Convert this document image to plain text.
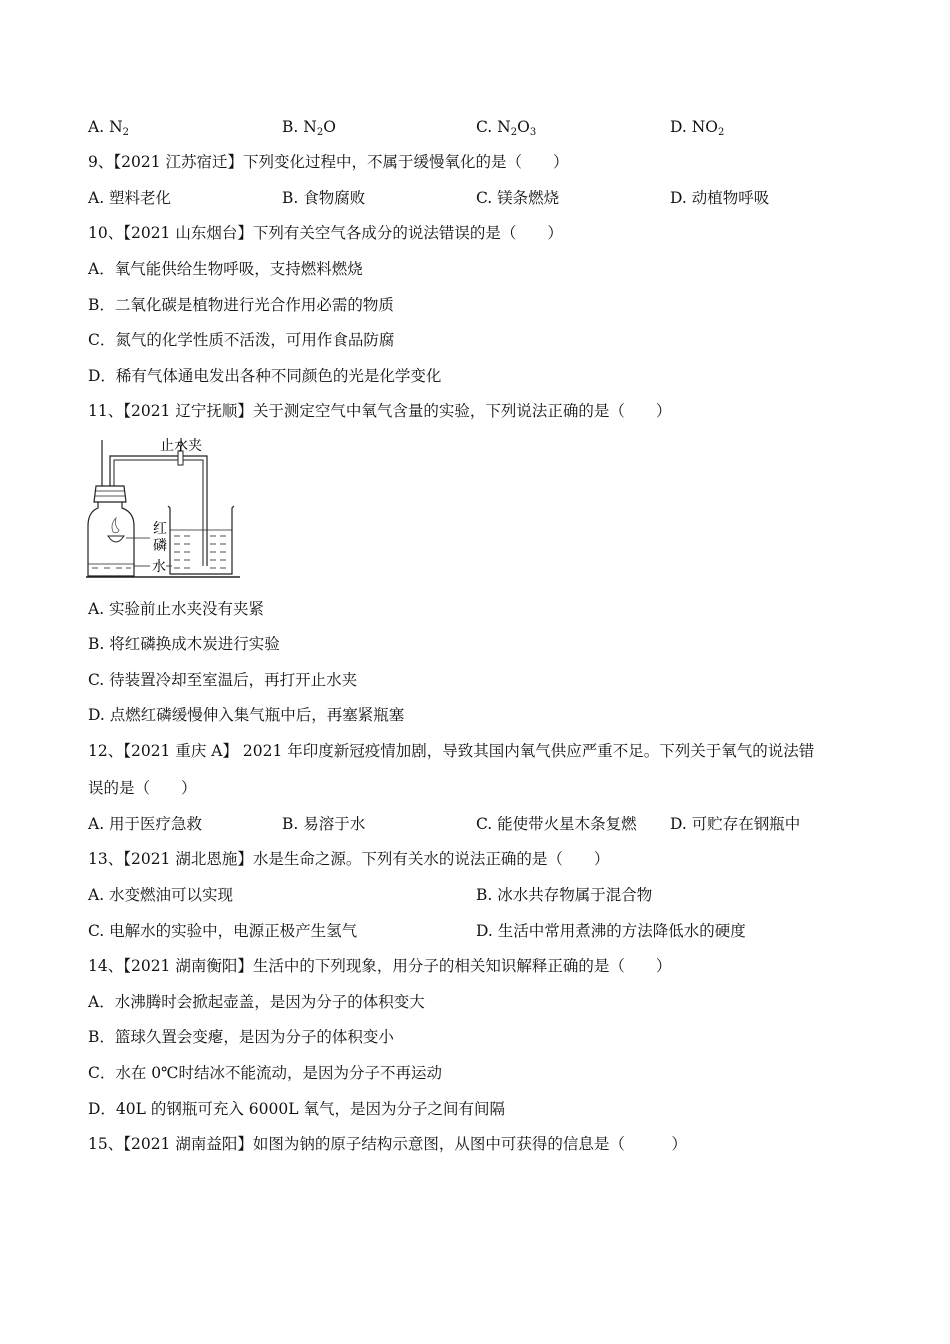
A. $N_2$	B. $N_2O$	C. $N_2O_3$	D. $NO_2$
9、【2021 江苏宿迁】下列变化过程中，不属于缓慢氧化的是（　　）
A. 塑料老化	B. 食物腐败	C. 镁条燃烧	D. 动植物呼吸
10、【2021 山东烟台】下列有关空气各成分的说法错误的是（　　）
A．氧气能供给生物呼吸，支持燃料燃烧
B．二氧化碳是植物进行光合作用必需的物质
C．氮气的化学性质不活泼，可用作食品防腐
D．稀有气体通电发出各种不同颜色的光是化学变化
11、【2021 辽宁抚顺】关于测定空气中氧气含量的实验，下列说法正确的是（　　）
止水夹
红
磷
水
A. 实验前止水夹没有夹紧
B. 将红磷换成木炭进行实验
C. 待装置冷却至室温后，再打开止水夹
D. 点燃红磷缓慢伸入集气瓶中后，再塞紧瓶塞
12、【2021 重庆 A】 2021 年印度新冠疫情加剧，导致其国内氧气供应严重不足。下列关于氧气的说法错
误的是（　　）
A. 用于医疗急救	B. 易溶于水	C. 能使带火星木条复燃 D. 可贮存在钢瓶中
13、【2021 湖北恩施】水是生命之源。下列有关水的说法正确的是（　　）
A. 水变燃油可以实现	B. 冰水共存物属于混合物
C. 电解水的实验中，电源正极产生氢气	D. 生活中常用煮沸的方法降低水的硬度
14、【2021 湖南衡阳】生活中的下列现象，用分子的相关知识解释正确的是（　　）
A．水沸腾时会掀起壶盖，是因为分子的体积变大
B．篮球久置会变瘪，是因为分子的体积变小
C．水在 0℃时结冰不能流动，是因为分子不再运动
D．40L 的钢瓶可充入 6000L 氧气，是因为分子之间有间隔
15、【2021 湖南益阳】如图为钠的原子结构示意图，从图中可获得的信息是（　　　）
